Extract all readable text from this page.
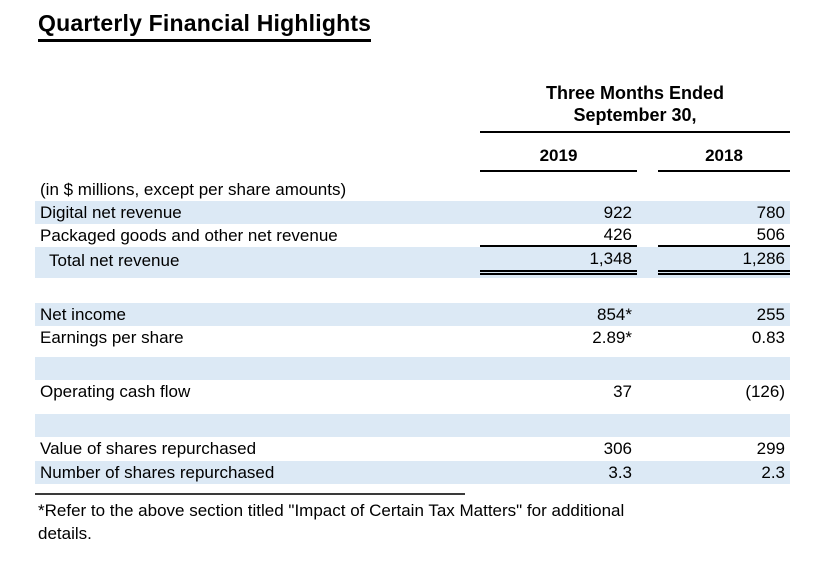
Quarterly Financial Highlights
Three Months Ended
September 30,
2019	2018
(in $ millions, except per share amounts)
Digital net revenue	922	780
Packaged goods and other net revenue	426	506
Total net revenue	1,348	1,286
Net income	854*	255
Earnings per share	2.89*	0.83
Operating cash flow	37	(126)
Value of shares repurchased	306	299
Number of shares repurchased	3.3	2.3
*Refer to the above section titled "Impact of Certain Tax Matters" for additional
details.
